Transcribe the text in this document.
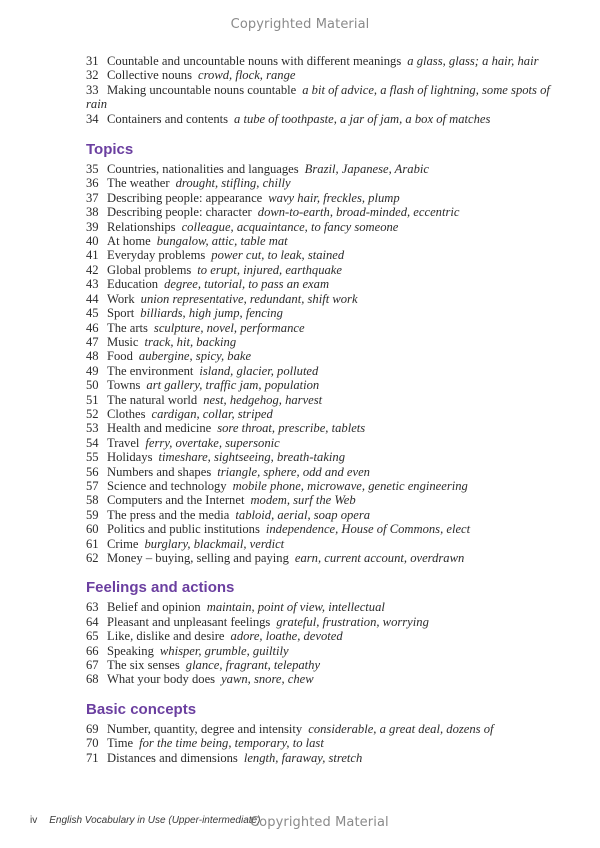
Copyrighted Material

31 Countable and uncountable nouns with different meanings a glass, glass; a hair, hair

32 Collective nouns crowd, flock, range

33 Making uncountable nouns countable a bit of advice, a flash of lightning, some spots of
rain

34 Containers and contents a tube of toothpaste, a jar of jam, a box of matches

Topics

35 Countries, nationalities and languages Brazil, Japanese, Arabic

36 The weather drought, stifling, chilly

37 Describing people: appearance wavy hair, freckles, plump

38 Describing people: character down-to-earth, broad-minded, eccentric

39 Relationships colleague, acquaintance, to fancy someone

40 At home bungalow, attic, table mat

41 Everyday problems power cut, to leak, stained

42 Global problems to erupt, injured, earthquake

43 Education degree, tutorial, to pass an exam

44 Work union representative, redundant, shift work

45 Sport billiards, high jump, fencing

46 The arts sculpture, novel, performance

47 Music track, hit, backing

48 Food aubergine, spicy, bake

49 The environment island, glacier, polluted

50 Towns art gallery, traffic jam, population

51 The natural world nest, hedgehog, harvest

52 Clothes cardigan, collar, striped

53 Health and medicine sore throat, prescribe, tablets

54 Travel ferry, overtake, supersonic

55 Holidays timeshare, sightseeing, breath-taking

56 Numbers and shapes triangle, sphere, odd and even

57 Science and technology mobile phone, microwave, genetic engineering

58 Computers and the Internet modem, surf the Web

59 The press and the media tabloid, aerial, soap opera

60 Politics and public institutions independence, House of Commons, elect

61 Crime burglary, blackmail, verdict

62 Money – buying, selling and paying earn, current account, overdrawn

Feelings and actions

63 Belief and opinion maintain, point of view, intellectual

64 Pleasant and unpleasant feelings grateful, frustration, worrying

65 Like, dislike and desire adore, loathe, devoted

66 Speaking whisper, grumble, guiltily

67 The six senses glance, fragrant, telepathy

68 What your body does yawn, snore, chew

Basic concepts

69 Number, quantity, degree and intensity considerable, a great deal, dozens of

70 Time for the time being, temporary, to last

71 Distances and dimensions length, faraway, stretch

iv English Vocabulary in Use (Upper-intermediate)
Copyrighted Material
